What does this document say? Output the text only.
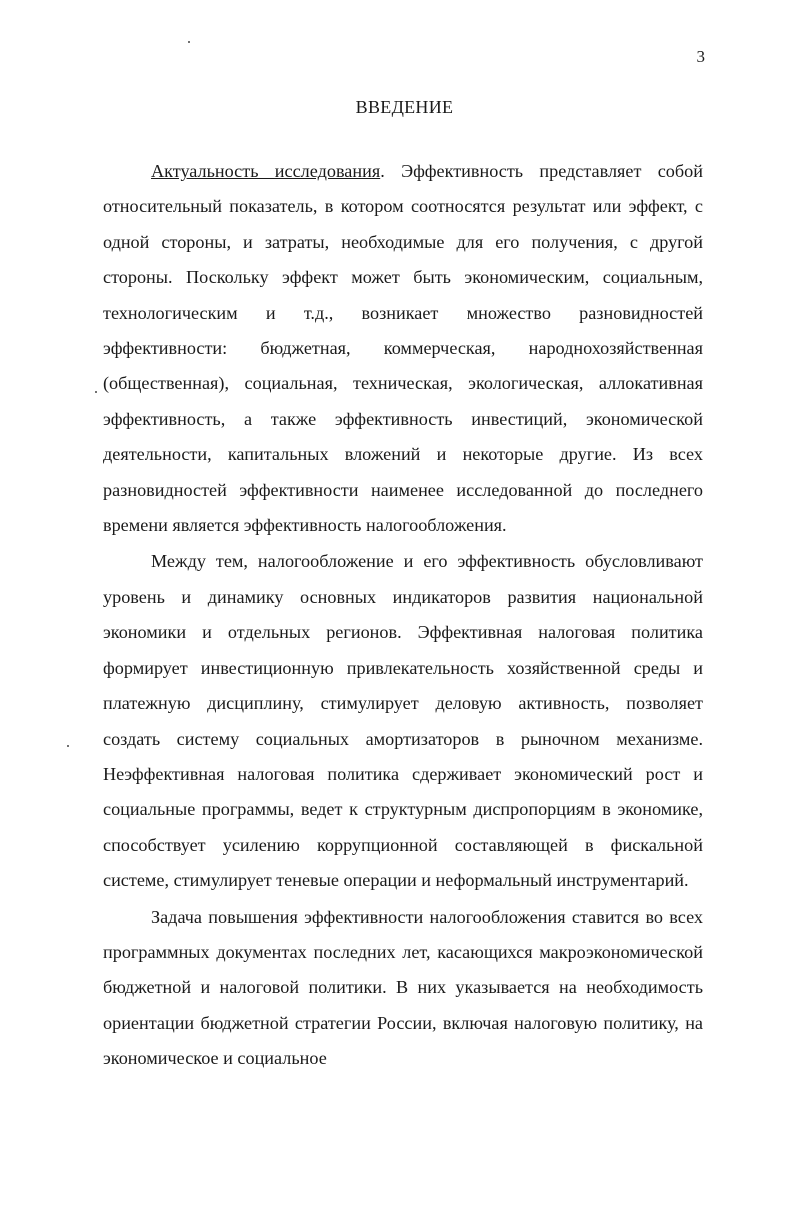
3
ВВЕДЕНИЕ

Актуальность исследования. Эффективность представляет собой относительный показатель, в котором соотносятся результат или эффект, с одной стороны, и затраты, необходимые для его получения, с другой стороны. Поскольку эффект может быть экономическим, социальным, технологическим и т.д., возникает множество разновидностей эффективности: бюджетная, коммерческая, народнохозяйственная (общественная), социальная, техническая, экологическая, аллокативная эффективность, а также эффективность инвестиций, экономической деятельности, капитальных вложений и некоторые другие. Из всех разновидностей эффективности наименее исследованной до последнего времени является эффективность налогообложения.

Между тем, налогообложение и его эффективность обусловливают уровень и динамику основных индикаторов развития национальной экономики и отдельных регионов. Эффективная налоговая политика формирует инвестиционную привлекательность хозяйственной среды и платежную дисциплину, стимулирует деловую активность, позволяет создать систему социальных амортизаторов в рыночном механизме. Неэффективная налоговая политика сдерживает экономический рост и социальные программы, ведет к структурным диспропорциям в экономике, способствует усилению коррупционной составляющей в фискальной системе, стимулирует теневые операции и неформальный инструментарий.

Задача повышения эффективности налогообложения ставится во всех программных документах последних лет, касающихся макроэкономической бюджетной и налоговой политики. В них указывается на необходимость ориентации бюджетной стратегии России, включая налоговую политику, на экономическое и социальное
